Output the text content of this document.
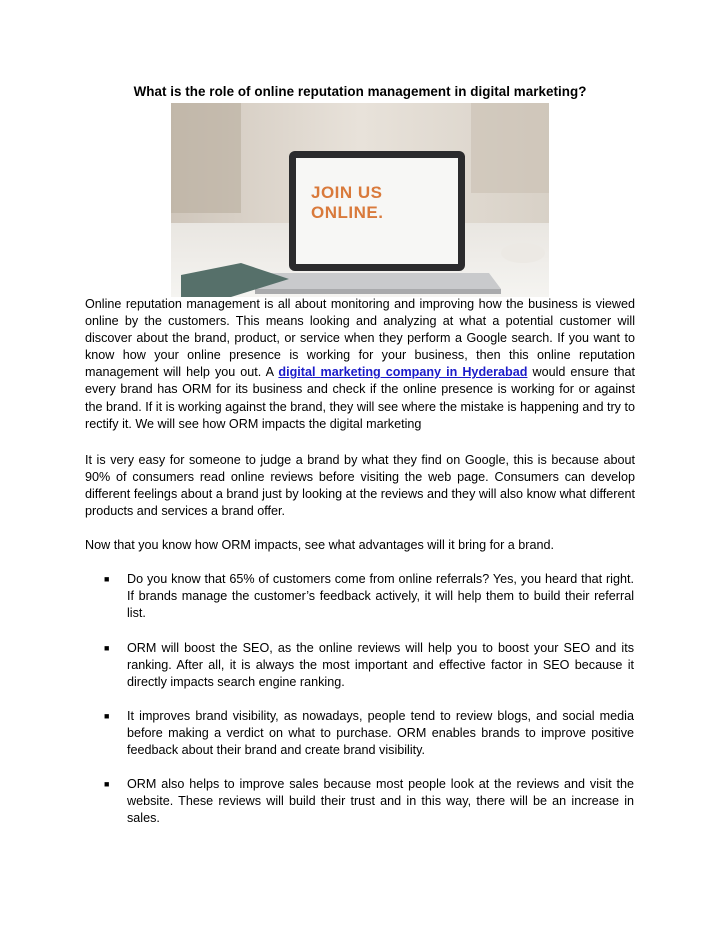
What is the role of online reputation management in digital marketing?
JOIN US ONLINE.
Online reputation management is all about monitoring and improving how the business is viewed online by the customers. This means looking and analyzing at what a potential customer will discover about the brand, product, or service when they perform a Google search. If you want to know how your online presence is working for your business, then this online reputation management will help you out. A digital marketing company in Hyderabad would ensure that every brand has ORM for its business and check if the online presence is working for or against the brand. If it is working against the brand, they will see where the mistake is happening and try to rectify it. We will see how ORM impacts the digital marketing
It is very easy for someone to judge a brand by what they find on Google, this is because about 90% of consumers read online reviews before visiting the web page. Consumers can develop different feelings about a brand just by looking at the reviews and they will also know what different products and services a brand offer.
Now that you know how ORM impacts, see what advantages will it bring for a brand.
■ Do you know that 65% of customers come from online referrals? Yes, you heard that right. If brands manage the customer’s feedback actively, it will help them to build their referral list.
■ ORM will boost the SEO, as the online reviews will help you to boost your SEO and its ranking. After all, it is always the most important and effective factor in SEO because it directly impacts search engine ranking.
■ It improves brand visibility, as nowadays, people tend to review blogs, and social media before making a verdict on what to purchase. ORM enables brands to improve positive feedback about their brand and create brand visibility.
■ ORM also helps to improve sales because most people look at the reviews and visit the website. These reviews will build their trust and in this way, there will be an increase in sales.
